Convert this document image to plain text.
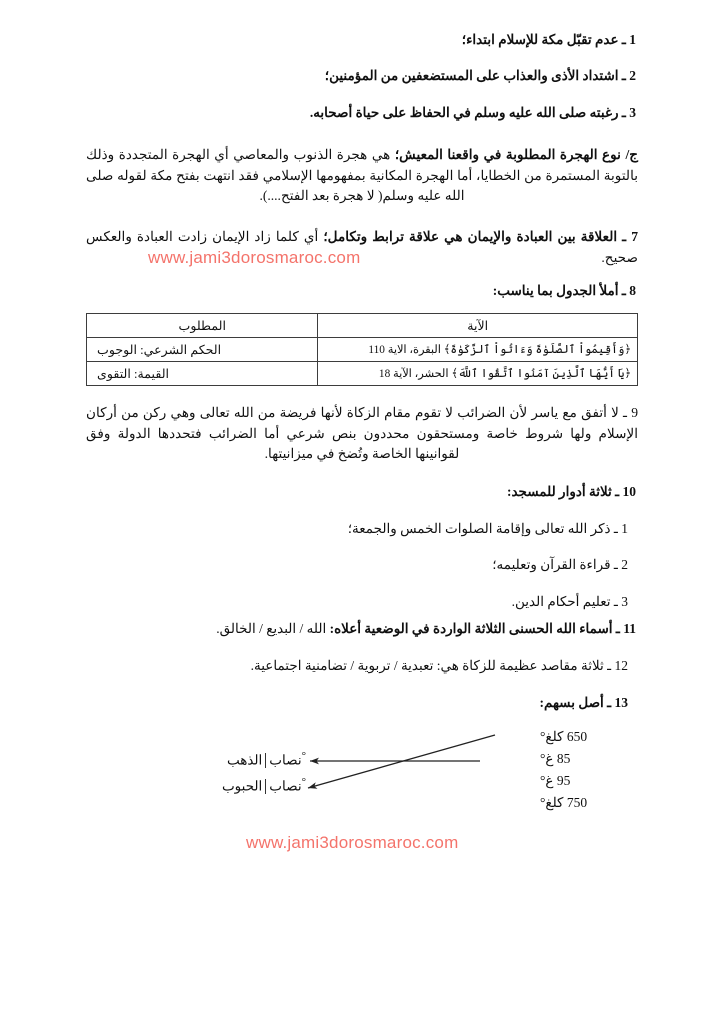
1 ـ عدم تقبّل مكة للإسلام ابتداء؛
2 ـ اشتداد الأذى والعذاب على المستضعفين من المؤمنين؛
3 ـ رغبته صلى الله عليه وسلم في الحفاظ على حياة أصحابه.
ج/ نوع الهجرة المطلوبة في واقعنا المعيش؛ هي هجرة الذنوب والمعاصي أي الهجرة المتجددة وذلك بالتوبة المستمرة من الخطايا، أما الهجرة المكانية بمفهومها الإسلامي فقد انتهت بفتح مكة لقوله صلى الله عليه وسلم( لا هجرة بعد الفتح....).
7 ـ العلاقة بين العبادة والإيمان هي علاقة ترابط وتكامل؛ أي كلما زاد الإيمان زادت العبادة والعكس صحيح.
www.jami3dorosmaroc.com
8 ـ أملأ الجدول بما يناسب:
الآية	المطلوب
﴿وَأَقِيمُواْ ٱلصَّلَوٰةَ وَءَاتُواْ ٱلزَّكَوٰةَ﴾ البقرة، الاية 110	الحكم الشرعي: الوجوب
﴿يَا أَيُّهَا ٱلَّذِينَ آمَنُوا ٱتَّقُوا ٱللَّهَ﴾ الحشر، الآية 18	القيمة: التقوى
9 ـ لا أتفق مع ياسر لأن الضرائب لا تقوم مقام الزكاة لأنها فريضة من الله تعالى وهي ركن من أركان الإسلام ولها شروط خاصة ومستحقون محددون بنص شرعي أما الضرائب فتحددها الدولة وفق لقوانينها الخاصة وتُضخ في ميزانيتها.
10 ـ ثلاثة أدوار للمسجد:
1 ـ ذكر الله تعالى وإقامة الصلوات الخمس والجمعة؛
2 ـ قراءة القرآن وتعليمه؛
3 ـ تعليم أحكام الدين.
11 ـ أسماء الله الحسنى الثلاثة الواردة في الوضعية أعلاه: الله / البديع / الخالق.
12 ـ ثلاثة مقاصد عظيمة للزكاة هي: تعبدية / تربوية / تضامنية اجتماعية.
13 ـ أصل بسهم:
°نصابالذهب
°نصابالحبوب
650 كلغ°
85 غ°
95 غ°
750 كلغ°
www.jami3dorosmaroc.com
